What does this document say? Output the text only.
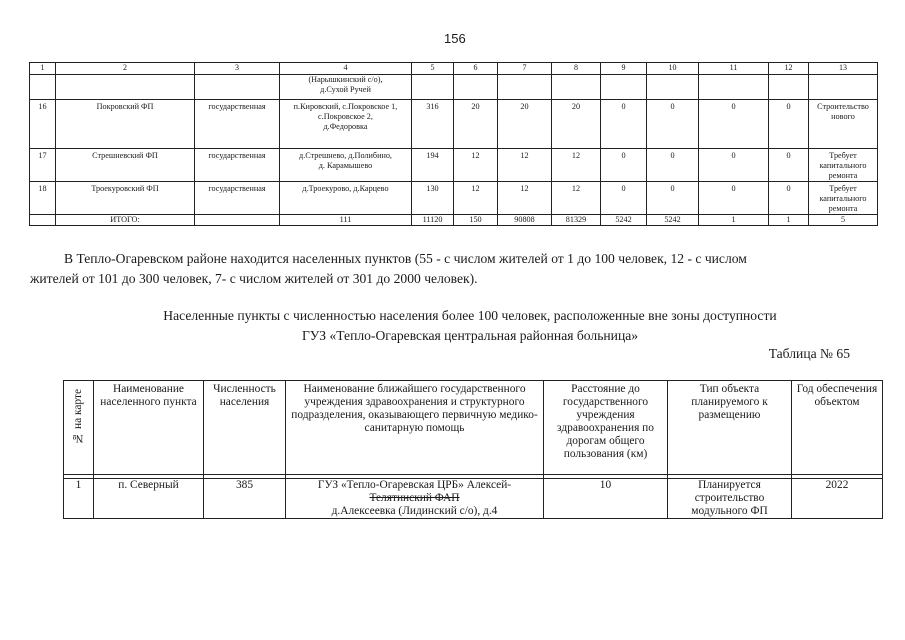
156
1	2	3	4	5	6	7	8	9	10	11	12	13
			(Нарышкинский с/о),
д.Сухой Ручей									
16	Покровский ФП	государственная	п.Кировский, с.Покровское 1,
с.Покровское 2,
д.Федоровка	316	20	20	20	0	0	0	0	Строительство нового
17	Стрешневский ФП	государственная	д.Стрешнево, д.Полибино,
д. Карамышево	194	12	12	12	0	0	0	0	Требует капитального ремонта
18	Троекуровский ФП	государственная	д.Троекурово, д.Карцево	130	12	12	12	0	0	0	0	Требует капитального ремонта
	ИТОГО:		111	11120	150	90808	81329	5242	5242	1	1	5
В Тепло-Огаревском районе находится населенных пунктов (55 - с числом жителей от 1 до 100 человек, 12 - с числом
жителей от 101 до 300 человек, 7- с числом жителей от 301 до 2000 человек).
Населенные пункты с численностью населения более 100 человек, расположенные вне зоны доступности
ГУЗ «Тепло-Огаревская центральная районная больница»
Таблица № 65
№ на карте	Наименование населенного пункта	Численность населения	Наименование ближайшего государственного учреждения здравоохранения и структурного подразделения, оказывающего первичную медико-санитарную помощь	Расстояние до государственного учреждения здравоохранения по дорогам общего пользования (км)	Тип объекта планируемого к размещению	Год обеспечения объектом

1	п. Северный	385	ГУЗ «Тепло-Огаревская ЦРБ» Алексей-
Телятинский ФАП
д.Алексеевка (Лидинский с/о), д.4	10	Планируется строительство модульного ФП	2022
